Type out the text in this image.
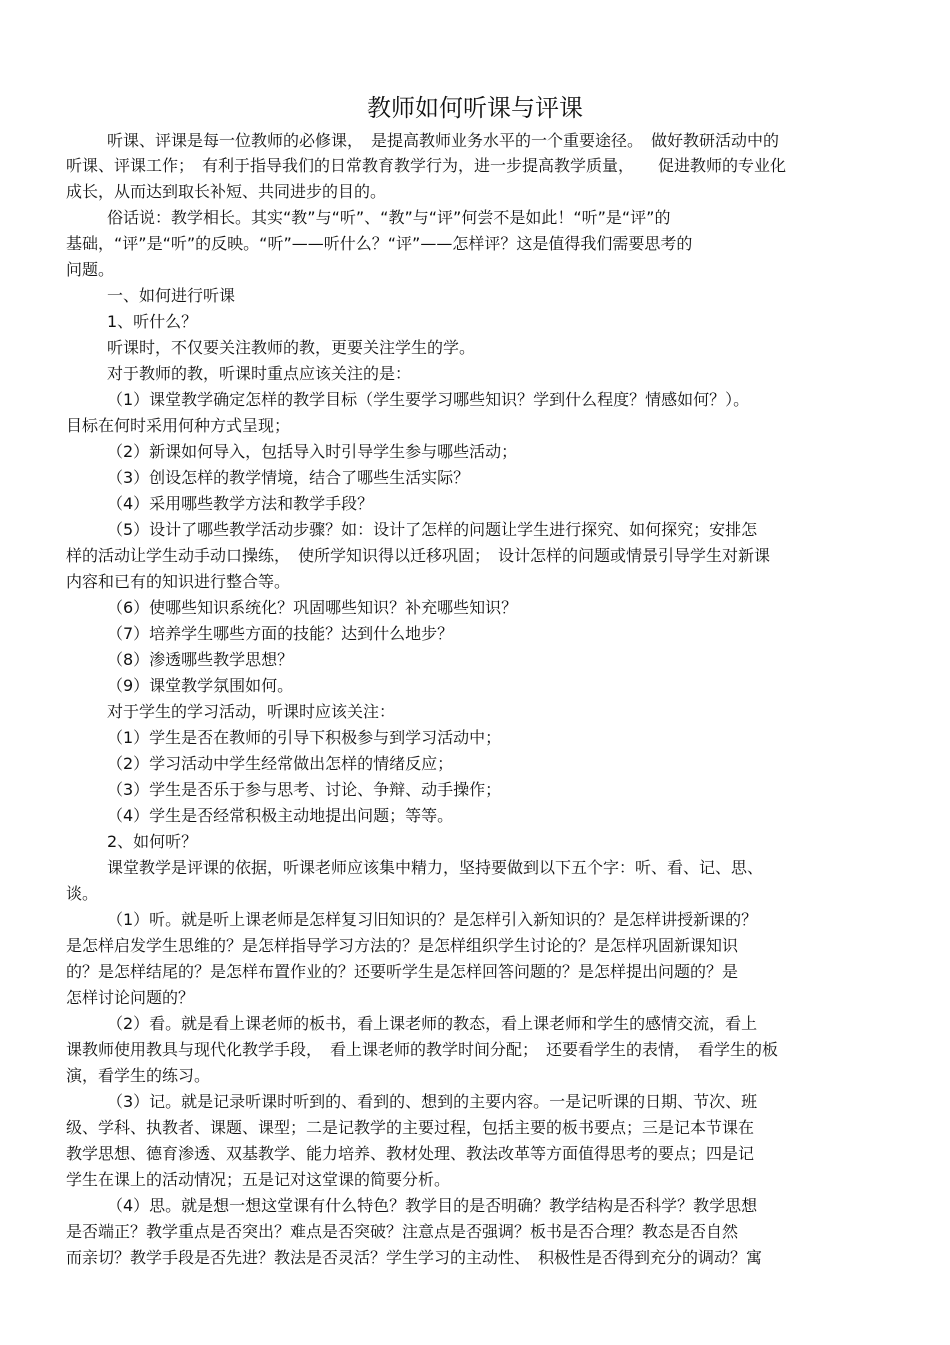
教师如何听课与评课
听课、评课是每一位教师的必修课，　是提高教师业务水平的一个重要途径。　做好教研活动中的
听课、评课工作；　有利于指导我们的日常教育教学行为，进一步提高教学质量，　　促进教师的专业化
成长，从而达到取长补短、共同进步的目的。
俗话说：教学相长。其实“教”与“听”、“教”与“评”何尝不是如此！“听”是“评”的
基础，“评”是“听”的反映。“听”——听什么？“评”——怎样评？这是值得我们需要思考的
问题。
一、如何进行听课
1、听什么？
听课时，不仅要关注教师的教，更要关注学生的学。
对于教师的教，听课时重点应该关注的是：
（1）课堂教学确定怎样的教学目标（学生要学习哪些知识？学到什么程度？情感如何？）。
目标在何时采用何种方式呈现；
（2）新课如何导入，包括导入时引导学生参与哪些活动；
（3）创设怎样的教学情境，结合了哪些生活实际？
（4）采用哪些教学方法和教学手段？
（5）设计了哪些教学活动步骤？如：设计了怎样的问题让学生进行探究、如何探究；安排怎
样的活动让学生动手动口操练，　使所学知识得以迁移巩固；　设计怎样的问题或情景引导学生对新课
内容和已有的知识进行整合等。
（6）使哪些知识系统化？巩固哪些知识？补充哪些知识？
（7）培养学生哪些方面的技能？达到什么地步？
（8）渗透哪些教学思想？
（9）课堂教学氛围如何。
对于学生的学习活动，听课时应该关注：
（1）学生是否在教师的引导下积极参与到学习活动中；
（2）学习活动中学生经常做出怎样的情绪反应；
（3）学生是否乐于参与思考、讨论、争辩、动手操作；
（4）学生是否经常积极主动地提出问题；等等。
2、如何听？
课堂教学是评课的依据，听课老师应该集中精力，坚持要做到以下五个字：听、看、记、思、
谈。
（1）听。就是听上课老师是怎样复习旧知识的？是怎样引入新知识的？是怎样讲授新课的？
是怎样启发学生思维的？是怎样指导学习方法的？是怎样组织学生讨论的？是怎样巩固新课知识
的？是怎样结尾的？是怎样布置作业的？还要听学生是怎样回答问题的？是怎样提出问题的？是
怎样讨论问题的？
（2）看。就是看上课老师的板书，看上课老师的教态，看上课老师和学生的感情交流，看上
课教师使用教具与现代化教学手段，　看上课老师的教学时间分配；　还要看学生的表情，　看学生的板
演，看学生的练习。
（3）记。就是记录听课时听到的、看到的、想到的主要内容。一是记听课的日期、节次、班
级、学科、执教者、课题、课型；二是记教学的主要过程，包括主要的板书要点；三是记本节课在
教学思想、德育渗透、双基教学、能力培养、教材处理、教法改革等方面值得思考的要点；四是记
学生在课上的活动情况；五是记对这堂课的简要分析。
（4）思。就是想一想这堂课有什么特色？教学目的是否明确？教学结构是否科学？教学思想
是否端正？教学重点是否突出？难点是否突破？注意点是否强调？板书是否合理？教态是否自然
而亲切？教学手段是否先进？教法是否灵活？学生学习的主动性、　积极性是否得到充分的调动？寓
